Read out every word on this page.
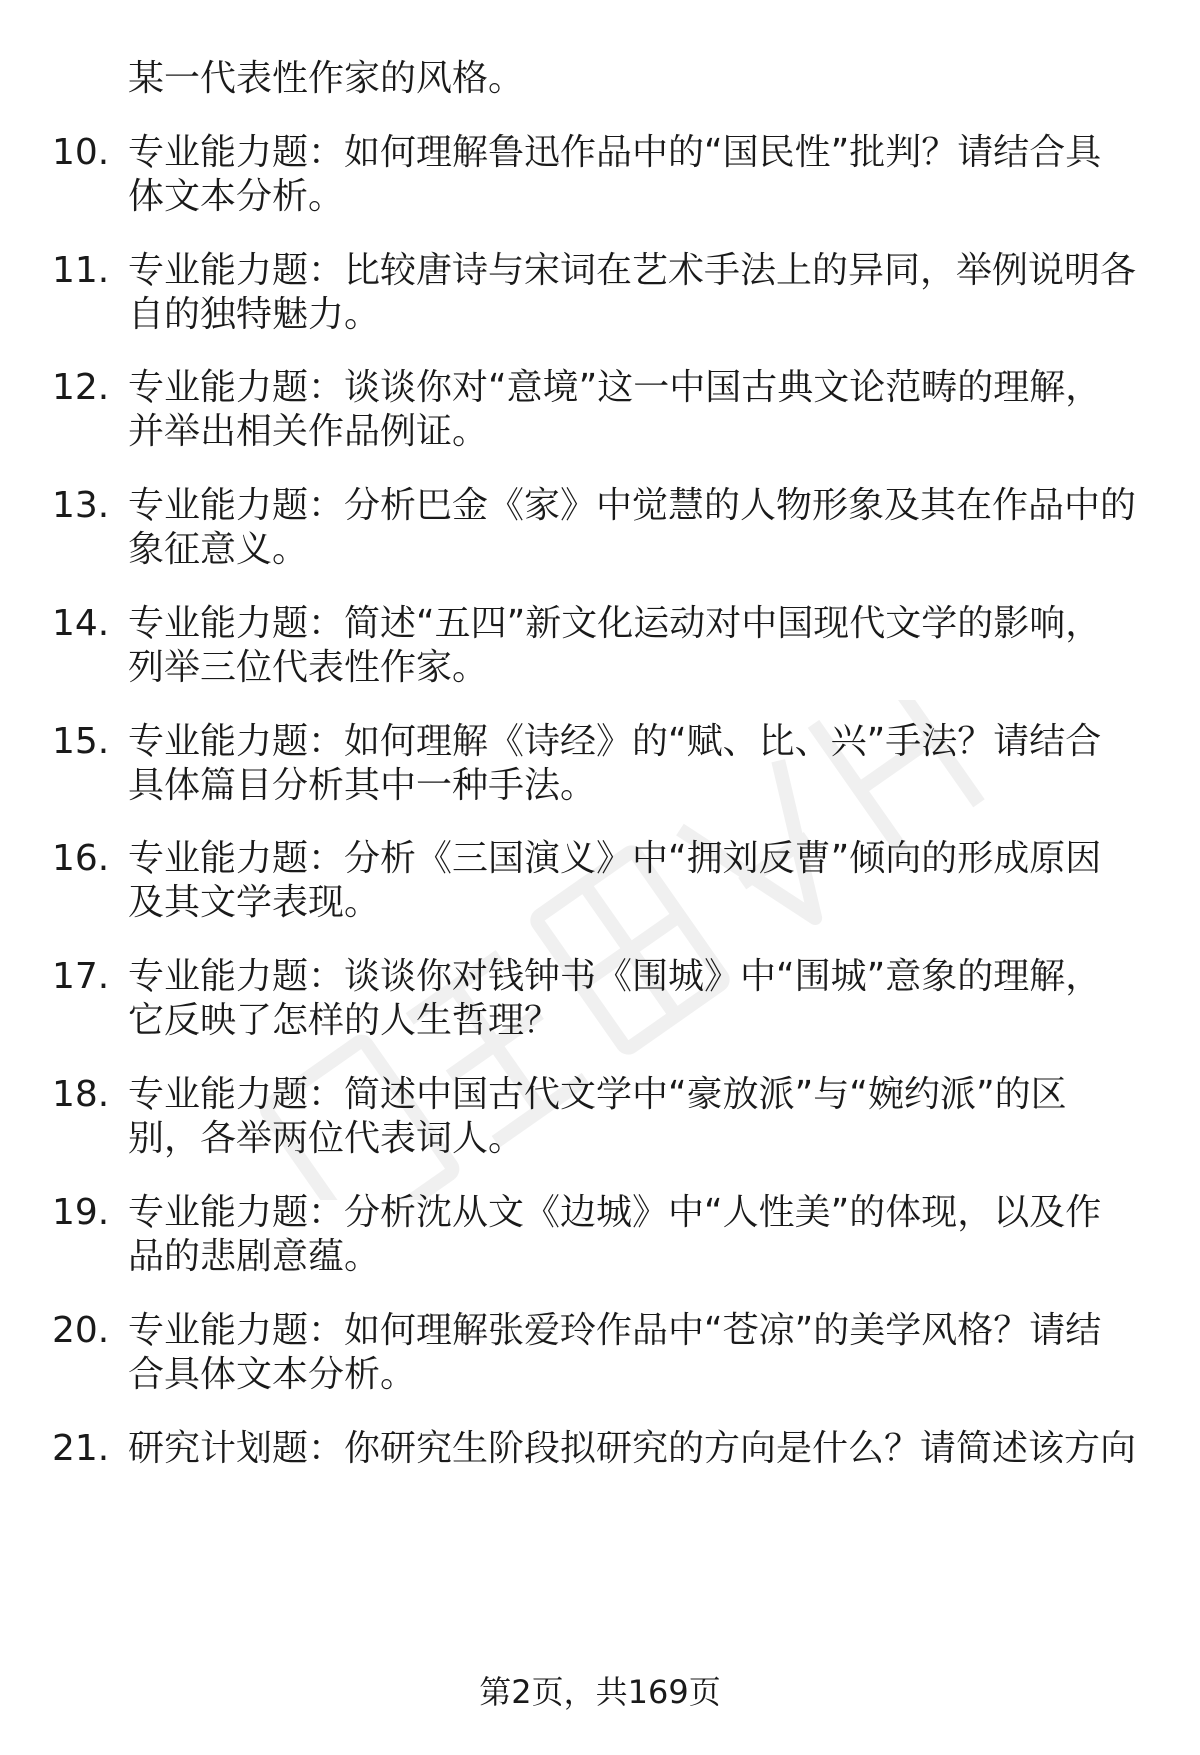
某一代表性作家的风格。
10. 专业能力题：如何理解鲁迅作品中的“国民性”批判？请结合具
体文本分析。
11. 专业能力题：比较唐诗与宋词在艺术手法上的异同，举例说明各
自的独特魅力。
12. 专业能力题：谈谈你对“意境”这一中国古典文论范畴的理解，
并举出相关作品例证。
13. 专业能力题：分析巴金《家》中觉慧的人物形象及其在作品中的
象征意义。
14. 专业能力题：简述“五四”新文化运动对中国现代文学的影响，
列举三位代表性作家。
15. 专业能力题：如何理解《诗经》的“赋、比、兴”手法？请结合
具体篇目分析其中一种手法。
16. 专业能力题：分析《三国演义》中“拥刘反曹”倾向的形成原因
及其文学表现。
17. 专业能力题：谈谈你对钱钟书《围城》中“围城”意象的理解，
它反映了怎样的人生哲理？
18. 专业能力题：简述中国古代文学中“豪放派”与“婉约派”的区
别，各举两位代表词人。
19. 专业能力题：分析沈从文《边城》中“人性美”的体现，以及作
品的悲剧意蕴。
20. 专业能力题：如何理解张爱玲作品中“苍凉”的美学风格？请结
合具体文本分析。
21. 研究计划题：你研究生阶段拟研究的方向是什么？请简述该方向
第2页，共169页
